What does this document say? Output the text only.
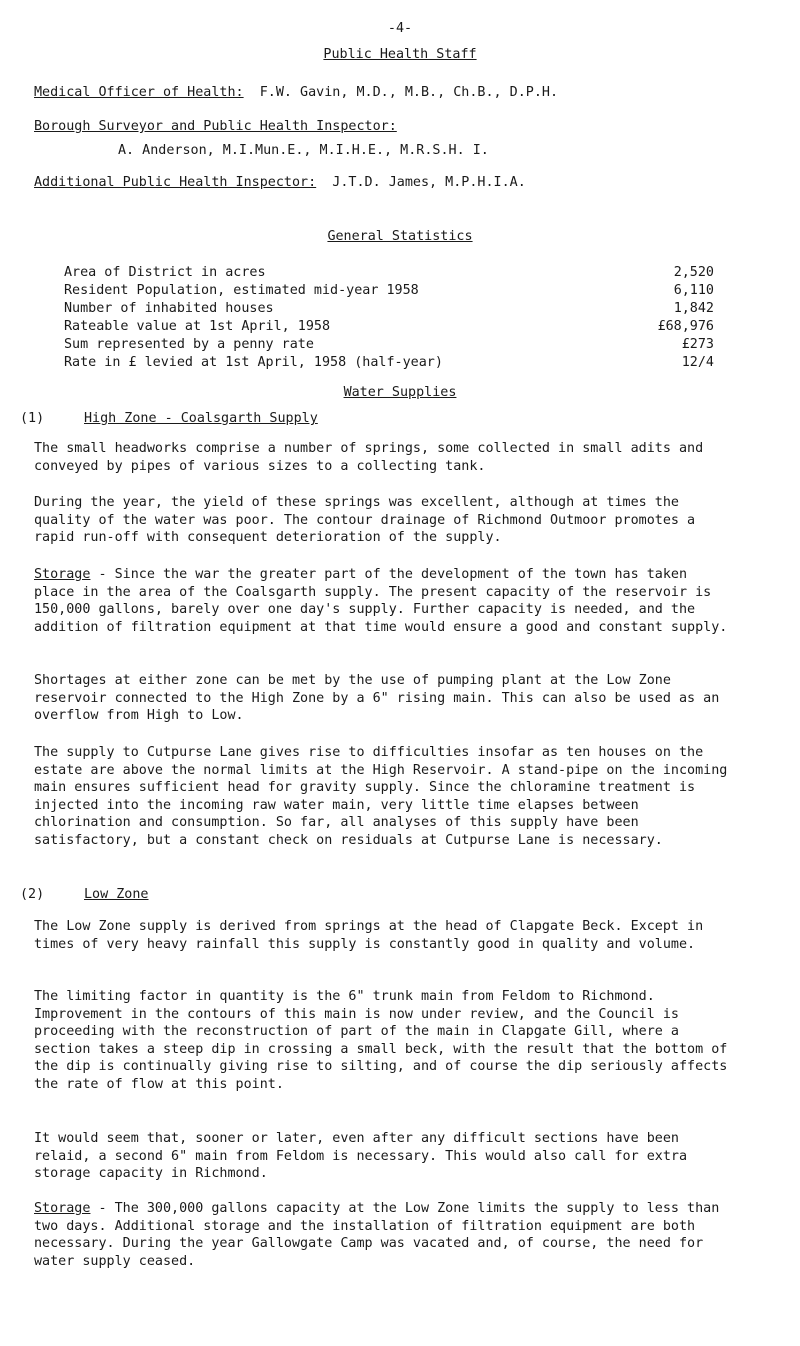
-4-
Public Health Staff
Medical Officer of Health: F.W. Gavin, M.D., M.B., Ch.B., D.P.H.
Borough Surveyor and Public Health Inspector:
A. Anderson, M.I.Mun.E., M.I.H.E., M.R.S.H. I.
Additional Public Health Inspector: J.T.D. James, M.P.H.I.A.
General Statistics
Area of District in acres	2,520
Resident Population, estimated mid-year 1958	6,110
Number of inhabited houses	1,842
Rateable value at 1st April, 1958	£68,976
Sum represented by a penny rate	£273
Rate in £ levied at 1st April, 1958 (half-year)	12/4
Water Supplies
(1)	High Zone - Coalsgarth Supply
The small headworks comprise a number of springs, some collected in small adits and conveyed by pipes of various sizes to a collecting tank.
During the year, the yield of these springs was excellent, although at times the quality of the water was poor. The contour drainage of Richmond Outmoor promotes a rapid run-off with consequent deterioration of the supply.
Storage - Since the war the greater part of the development of the town has taken place in the area of the Coalsgarth supply. The present capacity of the reservoir is 150,000 gallons, barely over one day's supply. Further capacity is needed, and the addition of filtration equipment at that time would ensure a good and constant supply.
Shortages at either zone can be met by the use of pumping plant at the Low Zone reservoir connected to the High Zone by a 6" rising main. This can also be used as an overflow from High to Low.
The supply to Cutpurse Lane gives rise to difficulties insofar as ten houses on the estate are above the normal limits at the High Reservoir. A stand-pipe on the incoming main ensures sufficient head for gravity supply. Since the chloramine treatment is injected into the incoming raw water main, very little time elapses between chlorination and consumption. So far, all analyses of this supply have been satisfactory, but a constant check on residuals at Cutpurse Lane is necessary.
(2)	Low Zone
The Low Zone supply is derived from springs at the head of Clapgate Beck. Except in times of very heavy rainfall this supply is constantly good in quality and volume.
The limiting factor in quantity is the 6" trunk main from Feldom to Richmond. Improvement in the contours of this main is now under review, and the Council is proceeding with the reconstruction of part of the main in Clapgate Gill, where a section takes a steep dip in crossing a small beck, with the result that the bottom of the dip is continually giving rise to silting, and of course the dip seriously affects the rate of flow at this point.
It would seem that, sooner or later, even after any difficult sections have been relaid, a second 6" main from Feldom is necessary. This would also call for extra storage capacity in Richmond.
Storage - The 300,000 gallons capacity at the Low Zone limits the supply to less than two days. Additional storage and the installation of filtration equipment are both necessary. During the year Gallowgate Camp was vacated and, of course, the need for water supply ceased.
